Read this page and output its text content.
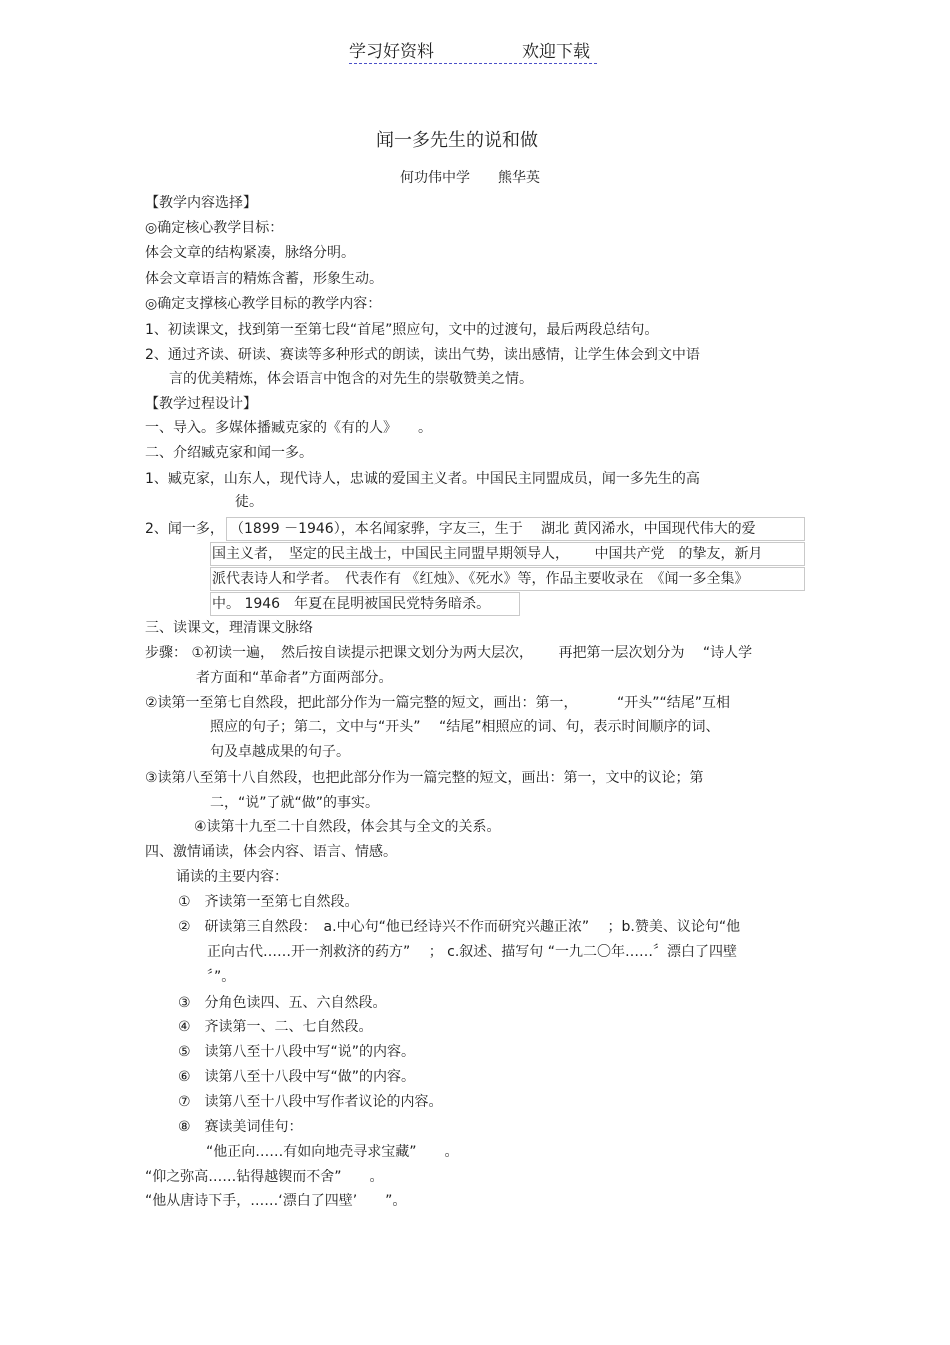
学习好资料	欢迎下载
闻一多先生的说和做
何功伟中学　　熊华英
【教学内容选择】
◎确定核心教学目标：
体会文章的结构紧凑，脉络分明。
体会文章语言的精炼含蓄，形象生动。
◎确定支撑核心教学目标的教学内容：
1、初读课文，找到第一至第七段“首尾”照应句，文中的过渡句，最后两段总结句。
2、通过齐读、研读、赛读等多种形式的朗读，读出气势，读出感情，让学生体会到文中语
言的优美精炼，体会语言中饱含的对先生的崇敬赞美之情。
【教学过程设计】
一、导入。多媒体播臧克家的《有的人》　　。
二、介绍臧克家和闻一多。
1、臧克家，山东人，现代诗人，忠诚的爱国主义者。中国民主同盟成员，闻一多先生的高
徒。
2、闻一多， （1899 －1946），本名闻家骅，字友三，生于　 湖北 黄冈浠水，中国现代伟大的爱
国主义者，　坚定的民主战士，中国民主同盟早期领导人，　　 中国共产党　的挚友，新月
派代表诗人和学者。　代表作有 《红烛》、《死水》等，作品主要收录在　《闻一多全集》
中。 1946　年夏在昆明被国民党特务暗杀。
三、读课文，理清课文脉络
步骤： ①初读一遍，　然后按自读提示把课文划分为两大层次，　　 再把第一层次划分为　 “诗人学
者方面和“革命者”方面两部分。
②读第一至第七自然段，把此部分作为一篇完整的短文，画出：第一，　　　 “开头”“结尾”互相
照应的句子；第二，文中与“开头”　 “结尾”相照应的词、句，表示时间顺序的词、
句及卓越成果的句子。
③读第八至第十八自然段，也把此部分作为一篇完整的短文，画出：第一，文中的议论；第
二，“说”了就“做”的事实。
④读第十九至二十自然段，体会其与全文的关系。
四、激情诵读，体会内容、语言、情感。
诵读的主要内容：
①　齐读第一至第七自然段。
②　研读第三自然段：　a.中心句“他已经诗兴不作而研究兴趣正浓”　 ；b.赞美、议论句“他
正向古代……开一剂救济的药方”　 ； c.叙述、描写句 “一九二〇年……〞漂白了四壁
〞”。
③　分角色读四、五、六自然段。
④　齐读第一、二、七自然段。
⑤　读第八至十八段中写“说”的内容。
⑥　读第八至十八段中写“做”的内容。
⑦　读第八至十八段中写作者议论的内容。
⑧　赛读美词佳句：
“他正向……有如向地壳寻求宝藏”　　。
“仰之弥高……钻得越锲而不舍”　　。
“他从唐诗下手，……‘漂白了四壁’　　”。
